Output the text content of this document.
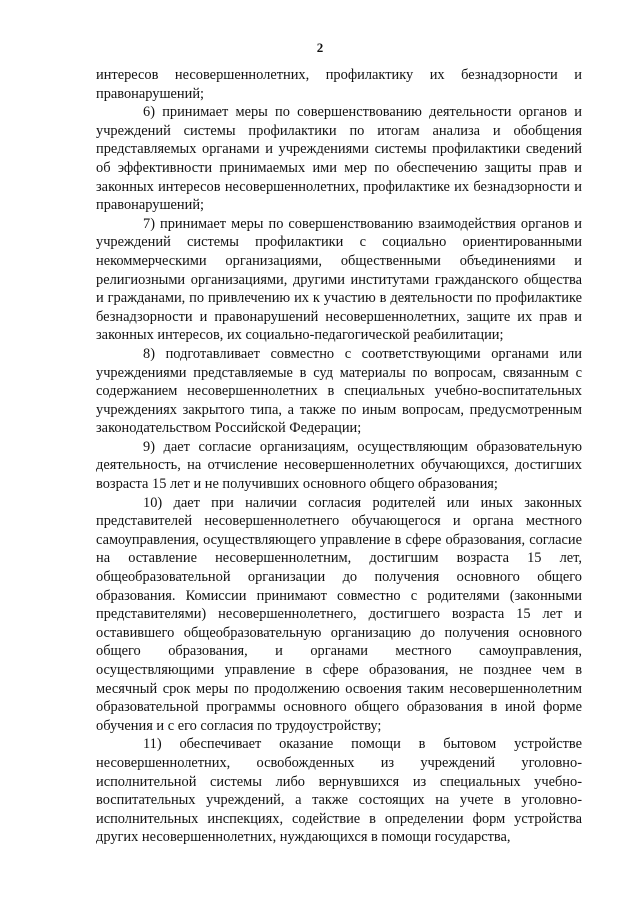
2

интересов несовершеннолетних, профилактику их безнадзорности и правонарушений;

6) принимает меры по совершенствованию деятельности органов и учреждений системы профилактики по итогам анализа и обобщения представляемых органами и учреждениями системы профилактики сведений об эффективности принимаемых ими мер по обеспечению защиты прав и законных интересов несовершеннолетних, профилактике их безнадзорности и правонарушений;

7) принимает меры по совершенствованию взаимодействия органов и учреждений системы профилактики с социально ориентированными некоммерческими организациями, общественными объединениями и религиозными организациями, другими институтами гражданского общества и гражданами, по привлечению их к участию в деятельности по профилактике безнадзорности и правонарушений несовершеннолетних, защите их прав и законных интересов, их социально-педагогической реабилитации;

8) подготавливает совместно с соответствующими органами или учреждениями представляемые в суд материалы по вопросам, связанным с содержанием несовершеннолетних в специальных учебно-воспитательных учреждениях закрытого типа, а также по иным вопросам, предусмотренным законодательством Российской Федерации;

9) дает согласие организациям, осуществляющим образовательную деятельность, на отчисление несовершеннолетних обучающихся, достигших возраста 15 лет и не получивших основного общего образования;

10) дает при наличии согласия родителей или иных законных представителей несовершеннолетнего обучающегося и органа местного самоуправления, осуществляющего управление в сфере образования, согласие на оставление несовершеннолетним, достигшим возраста 15 лет, общеобразовательной организации до получения основного общего образования. Комиссии принимают совместно с родителями (законными представителями) несовершеннолетнего, достигшего возраста 15 лет и оставившего общеобразовательную организацию до получения основного общего образования, и органами местного самоуправления, осуществляющими управление в сфере образования, не позднее чем в месячный срок меры по продолжению освоения таким несовершеннолетним образовательной программы основного общего образования в иной форме обучения и с его согласия по трудоустройству;

11) обеспечивает оказание помощи в бытовом устройстве несовершеннолетних, освобожденных из учреждений уголовно-исполнительной системы либо вернувшихся из специальных учебно-воспитательных учреждений, а также состоящих на учете в уголовно-исполнительных инспекциях, содействие в определении форм устройства других несовершеннолетних, нуждающихся в помощи государства,
